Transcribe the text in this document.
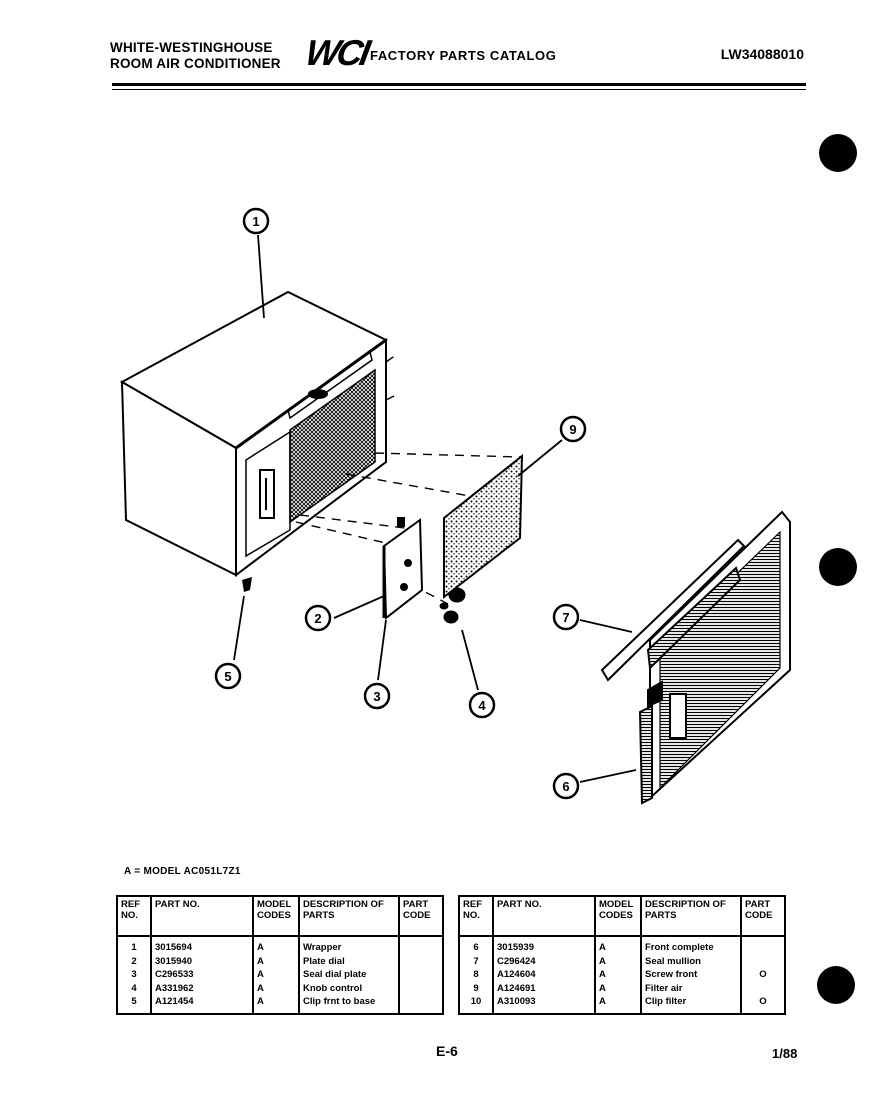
WHITE-WESTINGHOUSE
ROOM AIR CONDITIONER WCI FACTORY PARTS CATALOG	LW34088010
1
2
3
4
5
6
7
9
A = MODEL AC051L7Z1
REF NO.	PART NO.	MODEL CODES	DESCRIPTION OF PARTS	PART CODE		REF NO.	PART NO.	MODEL CODES	DESCRIPTION OF PARTS	PART CODE
1	3015694	A	Wrapper			6	3015939	A	Front complete	
2	3015940	A	Plate dial			7	C296424	A	Seal mullion	
3	C296533	A	Seal dial plate			8	A124604	A	Screw front	O
4	A331962	A	Knob control			9	A124691	A	Filter air	
5	A121454	A	Clip frnt to base			10	A310093	A	Clip filter	O
E-6	1/88
